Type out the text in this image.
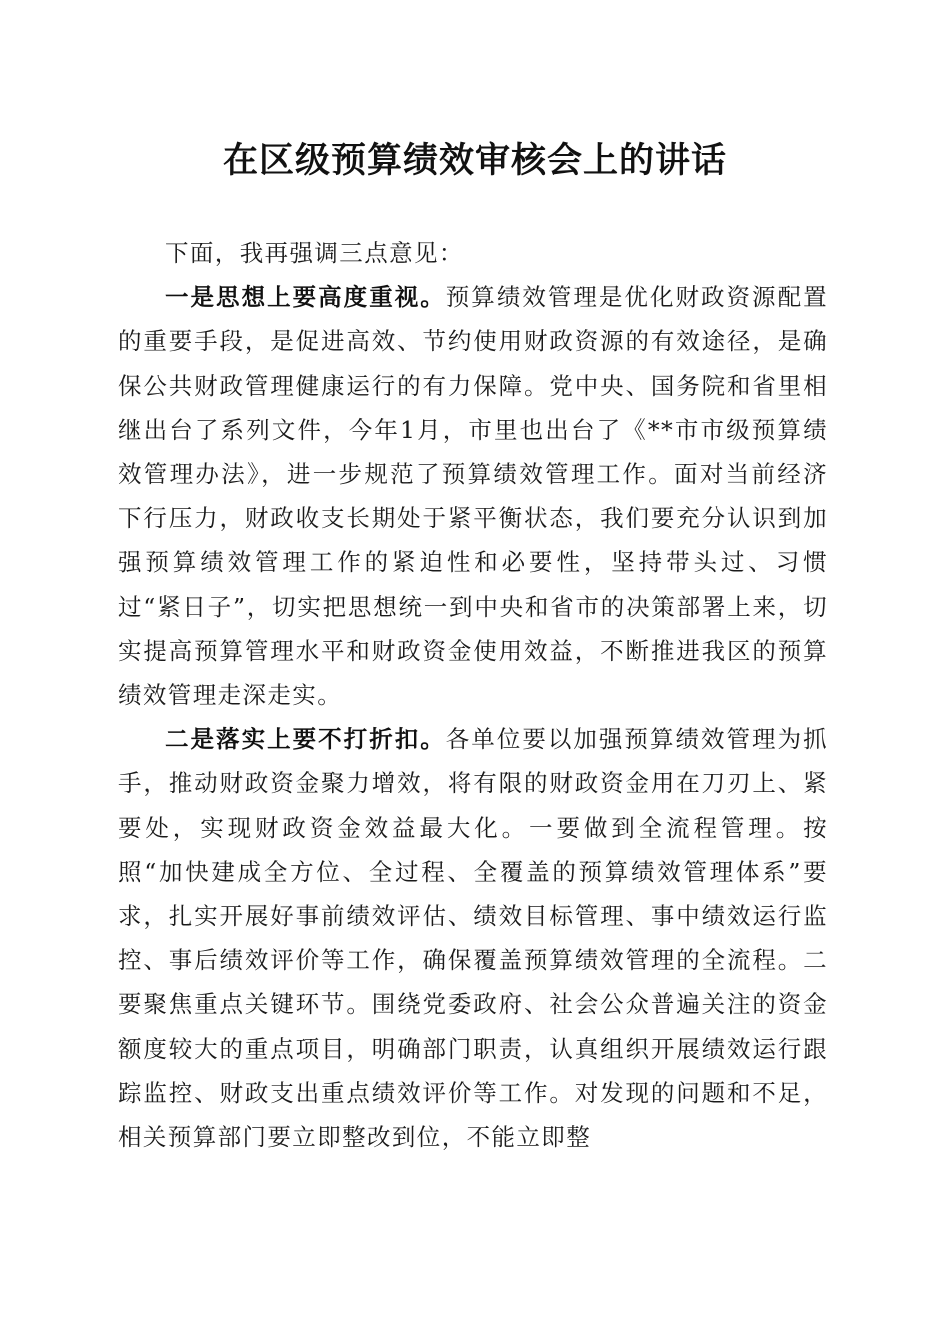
在区级预算绩效审核会上的讲话

下面，我再强调三点意见：

一是思想上要高度重视。预算绩效管理是优化财政资源配置的重要手段，是促进高效、节约使用财政资源的有效途径，是确保公共财政管理健康运行的有力保障。党中央、国务院和省里相继出台了系列文件，今年1月，市里也出台了《**市市级预算绩效管理办法》，进一步规范了预算绩效管理工作。面对当前经济下行压力，财政收支长期处于紧平衡状态，我们要充分认识到加强预算绩效管理工作的紧迫性和必要性，坚持带头过、习惯过“紧日子”，切实把思想统一到中央和省市的决策部署上来，切实提高预算管理水平和财政资金使用效益，不断推进我区的预算绩效管理走深走实。

二是落实上要不打折扣。各单位要以加强预算绩效管理为抓手，推动财政资金聚力增效，将有限的财政资金用在刀刃上、紧要处，实现财政资金效益最大化。一要做到全流程管理。按照“加快建成全方位、全过程、全覆盖的预算绩效管理体系”要求，扎实开展好事前绩效评估、绩效目标管理、事中绩效运行监控、事后绩效评价等工作，确保覆盖预算绩效管理的全流程。二要聚焦重点关键环节。围绕党委政府、社会公众普遍关注的资金额度较大的重点项目，明确部门职责，认真组织开展绩效运行跟踪监控、财政支出重点绩效评价等工作。对发现的问题和不足，相关预算部门要立即整改到位，不能立即整
